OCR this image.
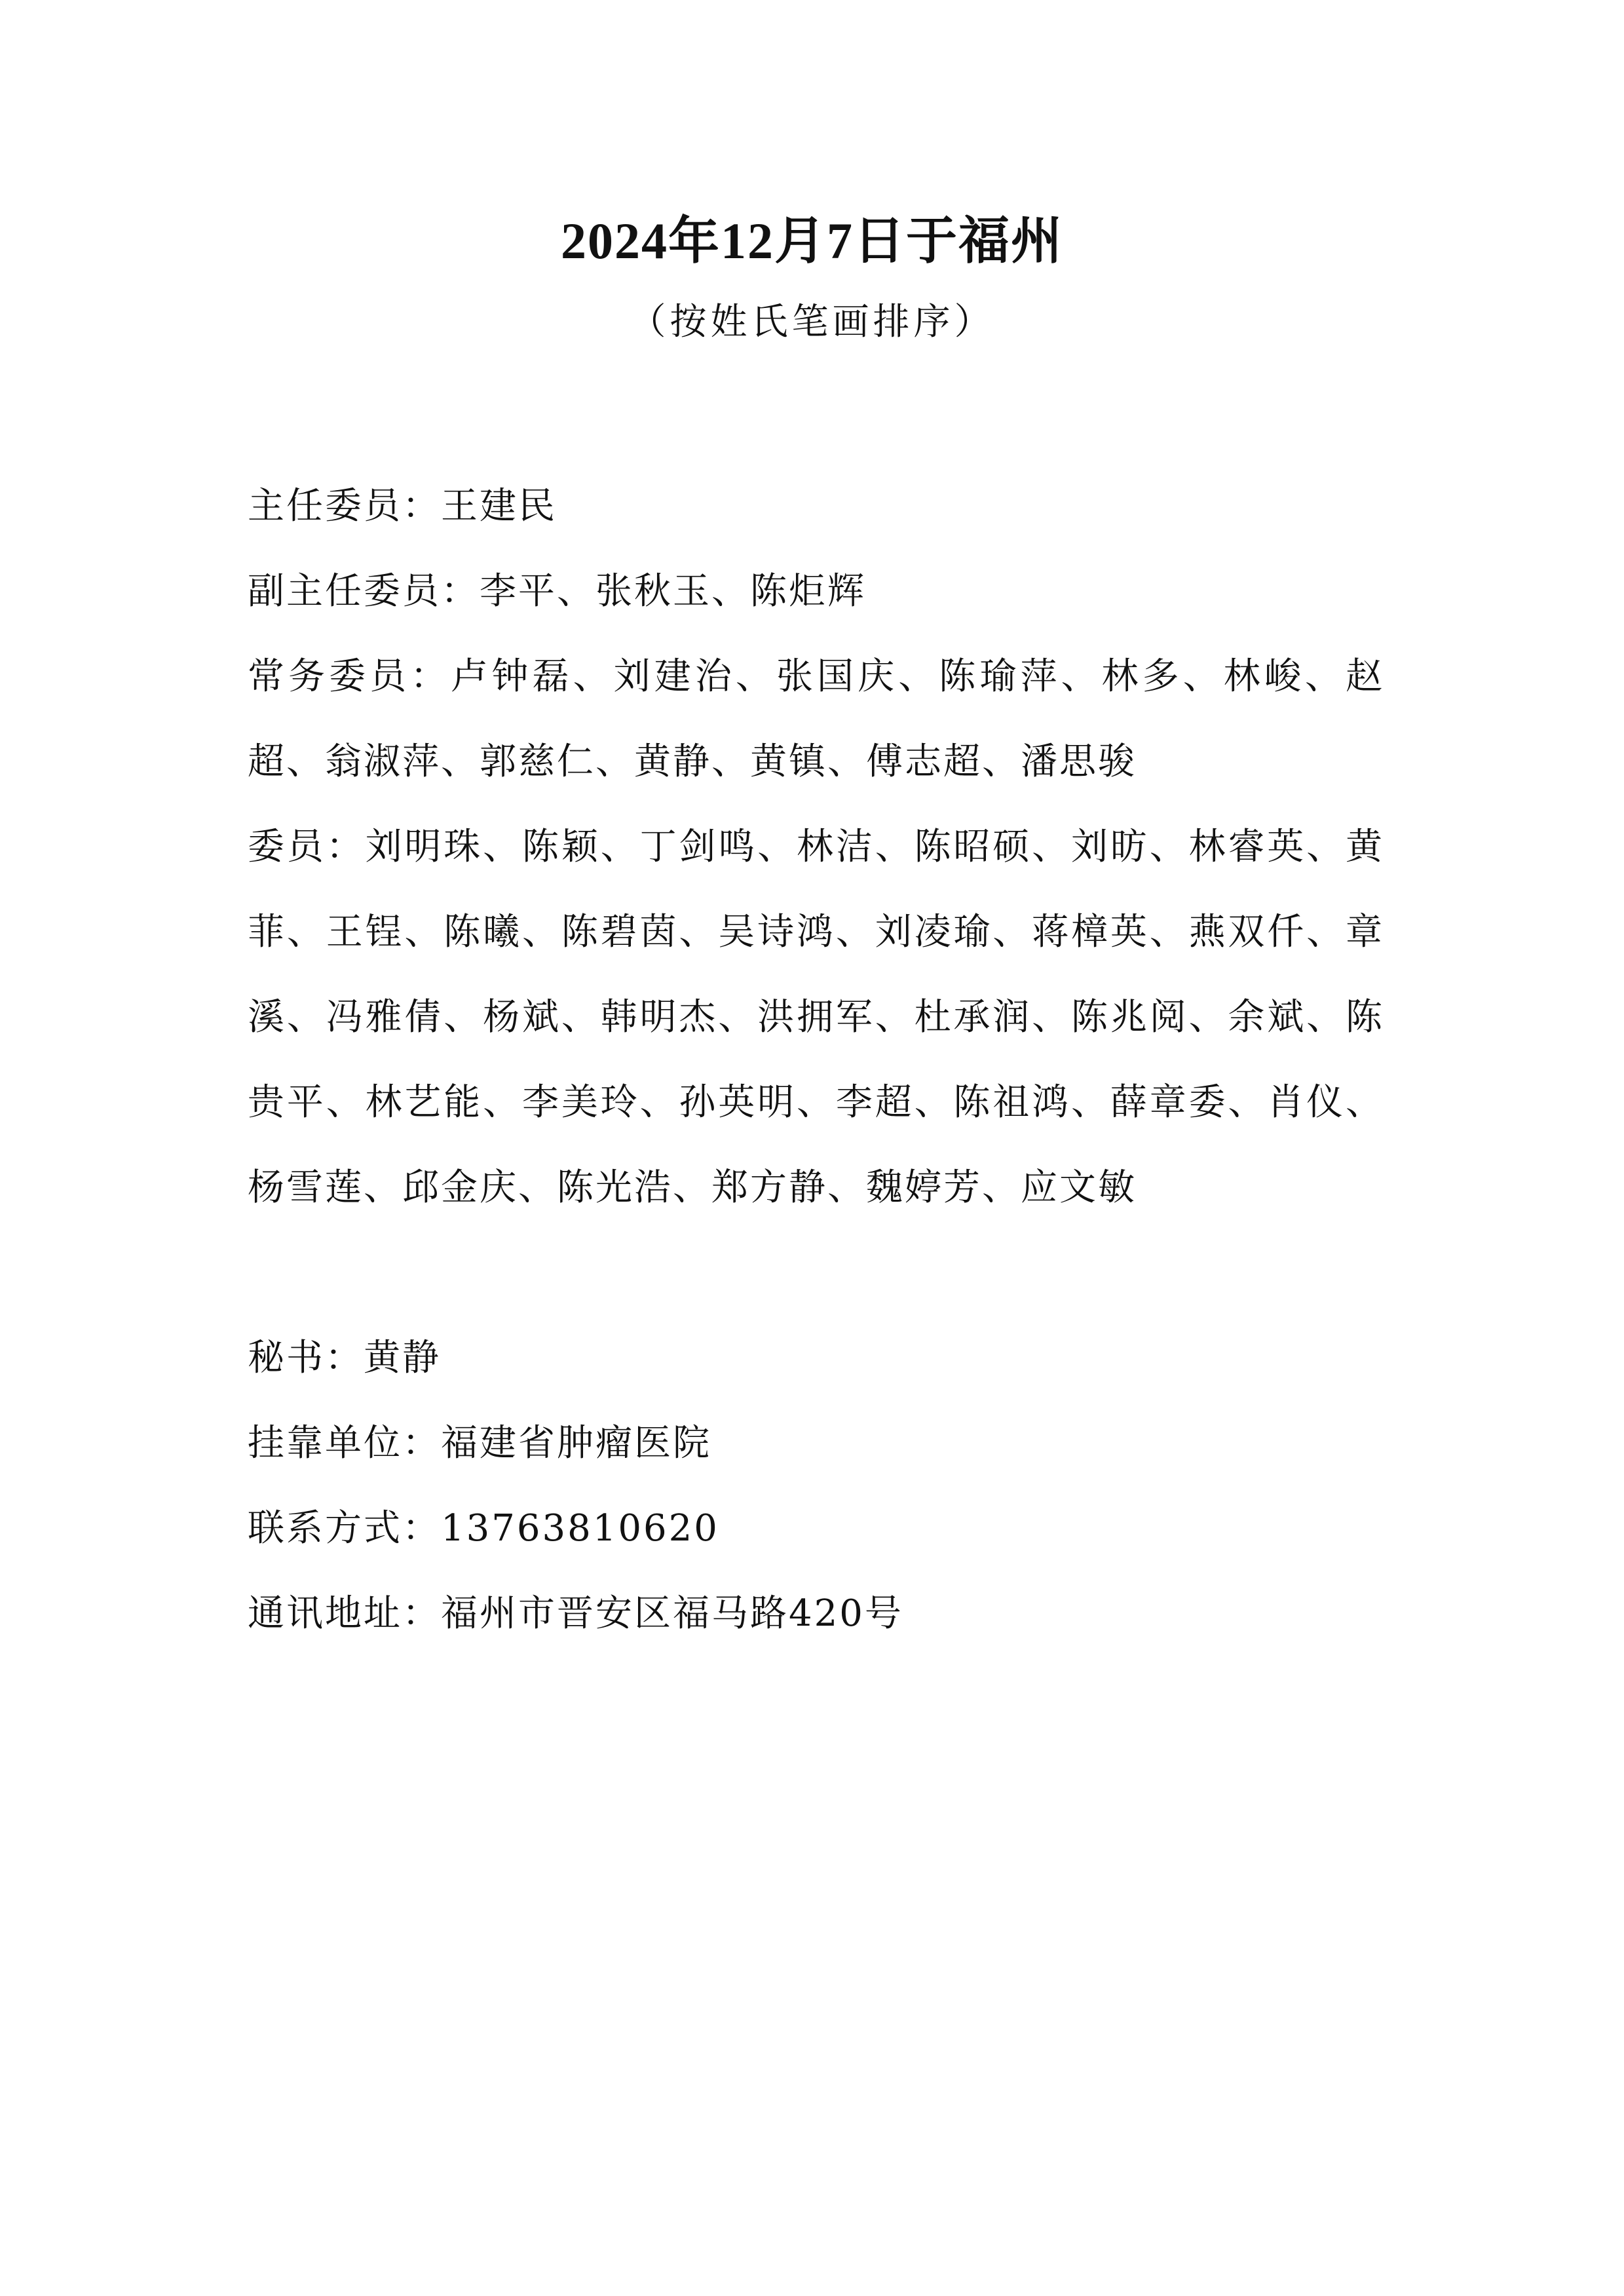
2024年12月7日于福州
（按姓氏笔画排序）

主任委员：王建民

副主任委员：李平、张秋玉、陈炬辉

常务委员：卢钟磊、刘建治、张国庆、陈瑜萍、林多、林峻、赵超、翁淑萍、郭慈仁、黄静、黄镇、傅志超、潘思骏

委员：刘明珠、陈颖、丁剑鸣、林洁、陈昭硕、刘昉、林睿英、黄菲、王锃、陈曦、陈碧茵、吴诗鸿、刘凌瑜、蒋樟英、燕双仟、章溪、冯雅倩、杨斌、韩明杰、洪拥军、杜承润、陈兆阅、余斌、陈贵平、林艺能、李美玲、孙英明、李超、陈祖鸿、薛章委、肖仪、杨雪莲、邱金庆、陈光浩、郑方静、魏婷芳、应文敏

秘书：黄静

挂靠单位：福建省肿瘤医院

联系方式：13763810620

通讯地址：福州市晋安区福马路420号
